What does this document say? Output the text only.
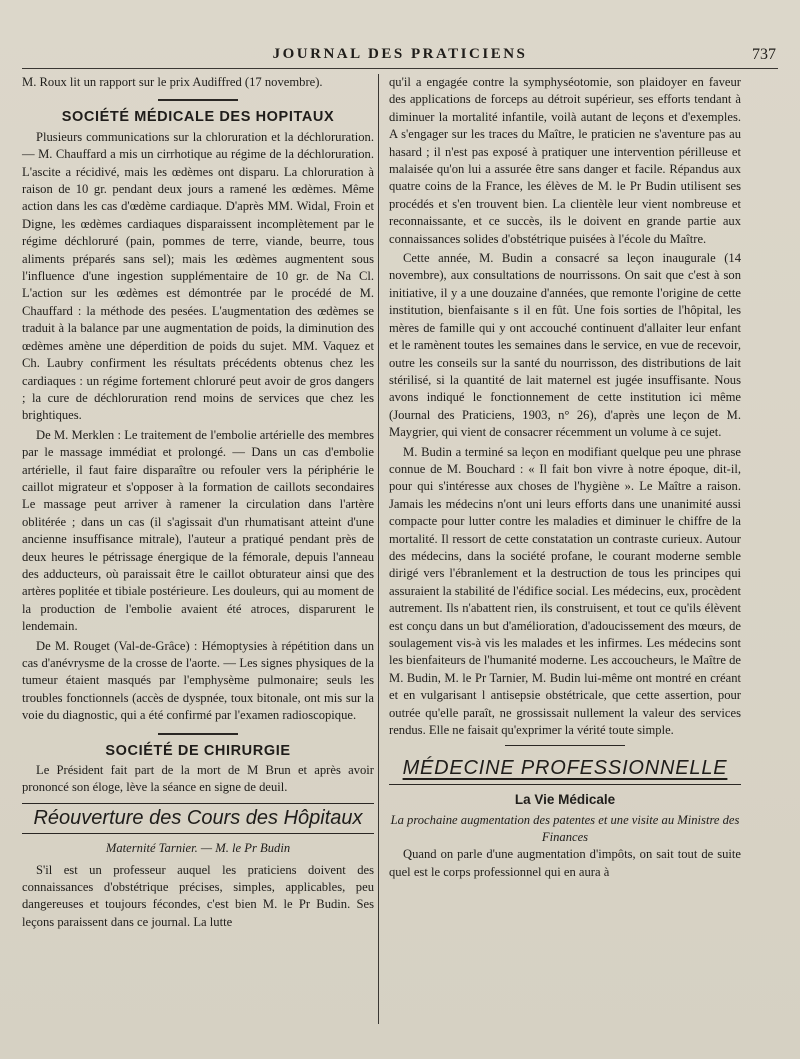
JOURNAL DES PRATICIENS	737

M. Roux lit un rapport sur le prix Audiffred (17 novembre).

SOCIÉTÉ MÉDICALE DES HOPITAUX

Plusieurs communications sur la chloruration et la déchloruration. — M. Chauffard a mis un cirrhotique au régime de la déchloruration. L'ascite a récidivé, mais les œdèmes ont disparu. La chloruration à raison de 10 gr. pendant deux jours a ramené les œdèmes. Même action dans les cas d'œdème cardiaque. D'après MM. Widal, Froin et Digne, les œdèmes cardiaques disparaissent incomplètement par le régime déchloruré (pain, pommes de terre, viande, beurre, tous aliments préparés sans sel); mais les œdèmes augmentent sous l'influence d'une ingestion supplémentaire de 10 gr. de Na Cl. L'action sur les œdèmes est démontrée par le procédé de M. Chauffard : la méthode des pesées. L'augmentation des œdèmes se traduit à la balance par une augmentation de poids, la diminution des œdèmes amène une déperdition de poids du sujet. MM. Vaquez et Ch. Laubry confirment les résultats précédents obtenus chez les cardiaques : un régime fortement chloruré peut avoir de gros dangers ; la cure de déchloruration rend moins de services que chez les brightiques.

De M. Merklen : Le traitement de l'embolie artérielle des membres par le massage immédiat et prolongé. — Dans un cas d'embolie artérielle, il faut faire disparaître ou refouler vers la périphérie le caillot migrateur et s'opposer à la formation de caillots secondaires Le massage peut arriver à ramener la circulation dans l'artère oblitérée ; dans un cas (il s'agissait d'un rhumatisant atteint d'une ancienne insuffisance mitrale), l'auteur a pratiqué pendant près de deux heures le pétrissage énergique de la fémorale, depuis l'anneau des adducteurs, où paraissait être le caillot obturateur ainsi que des artères poplitée et tibiale postérieure. Les douleurs, qui au moment de la production de l'embolie avaient été atroces, disparurent le lendemain.

De M. Rouget (Val-de-Grâce) : Hémoptysies à répétition dans un cas d'anévrysme de la crosse de l'aorte. — Les signes physiques de la tumeur étaient masqués par l'emphysème pulmonaire; seuls les troubles fonctionnels (accès de dyspnée, toux bitonale, ont mis sur la voie du diagnostic, qui a été confirmé par l'examen radioscopique.

SOCIÉTÉ DE CHIRURGIE

Le Président fait part de la mort de M Brun et après avoir prononcé son éloge, lève la séance en signe de deuil.

Réouverture des Cours des Hôpitaux
Maternité Tarnier. — M. le Pr Budin

S'il est un professeur auquel les praticiens doivent des connaissances d'obstétrique précises, simples, applicables, peu dangereuses et toujours fécondes, c'est bien M. le Pr Budin. Ses leçons paraissent dans ce journal. La lutte

qu'il a engagée contre la symphyséotomie, son plaidoyer en faveur des applications de forceps au détroit supérieur, ses efforts tendant à diminuer la mortalité infantile, voilà autant de leçons et d'exemples. A s'engager sur les traces du Maître, le praticien ne s'aventure pas au hasard ; il n'est pas exposé à pratiquer une intervention périlleuse et malaisée qu'on lui a assurée être sans danger et facile. Répandus aux quatre coins de la France, les élèves de M. le Pr Budin utilisent ses procédés et s'en trouvent bien. La clientèle leur vient nombreuse et reconnaissante, et ce succès, ils le doivent en grande partie aux connaissances solides d'obstétrique puisées à l'école du Maître.

Cette année, M. Budin a consacré sa leçon inaugurale (14 novembre), aux consultations de nourrissons. On sait que c'est à son initiative, il y a une douzaine d'années, que remonte l'origine de cette institution, bienfaisante s il en fût. Une fois sorties de l'hôpital, les mères de famille qui y ont accouché continuent d'allaiter leur enfant et le ramènent toutes les semaines dans le service, en vue de recevoir, outre les conseils sur la santé du nourrisson, des distributions de lait stérilisé, si la quantité de lait maternel est jugée insuffisante. Nous avons indiqué le fonctionnement de cette institution ici même (Journal des Praticiens, 1903, n° 26), d'après une leçon de M. Maygrier, qui vient de consacrer récemment un volume à ce sujet.

M. Budin a terminé sa leçon en modifiant quelque peu une phrase connue de M. Bouchard : « Il fait bon vivre à notre époque, dit-il, pour qui s'intéresse aux choses de l'hygiène ». Le Maître a raison. Jamais les médecins n'ont uni leurs efforts dans une unanimité aussi compacte pour lutter contre les maladies et diminuer le chiffre de la mortalité. Il ressort de cette constatation un contraste curieux. Autour des médecins, dans la société profane, le courant moderne semble dirigé vers l'ébranlement et la destruction de tous les principes qui assuraient la stabilité de l'édifice social. Les médecins, eux, procèdent autrement. Ils n'abattent rien, ils construisent, et tout ce qu'ils élèvent est conçu dans un but d'amélioration, d'adoucissement des mœurs, de soulagement vis-à vis les malades et les infirmes. Les médecins sont les bienfaiteurs de l'humanité moderne. Les accoucheurs, le Maître de M. Budin, M. le Pr Tarnier, M. Budin lui-même ont montré en créant et en vulgarisant l antisepsie obstétricale, que cette assertion, pour outrée qu'elle paraît, ne grossissait nullement la valeur des services rendus. Elle ne faisait qu'exprimer la vérité toute simple.

MÉDECINE PROFESSIONNELLE
La Vie Médicale
La prochaine augmentation des patentes et une visite au Ministre des Finances

Quand on parle d'une augmentation d'impôts, on sait tout de suite quel est le corps professionnel qui en aura à
